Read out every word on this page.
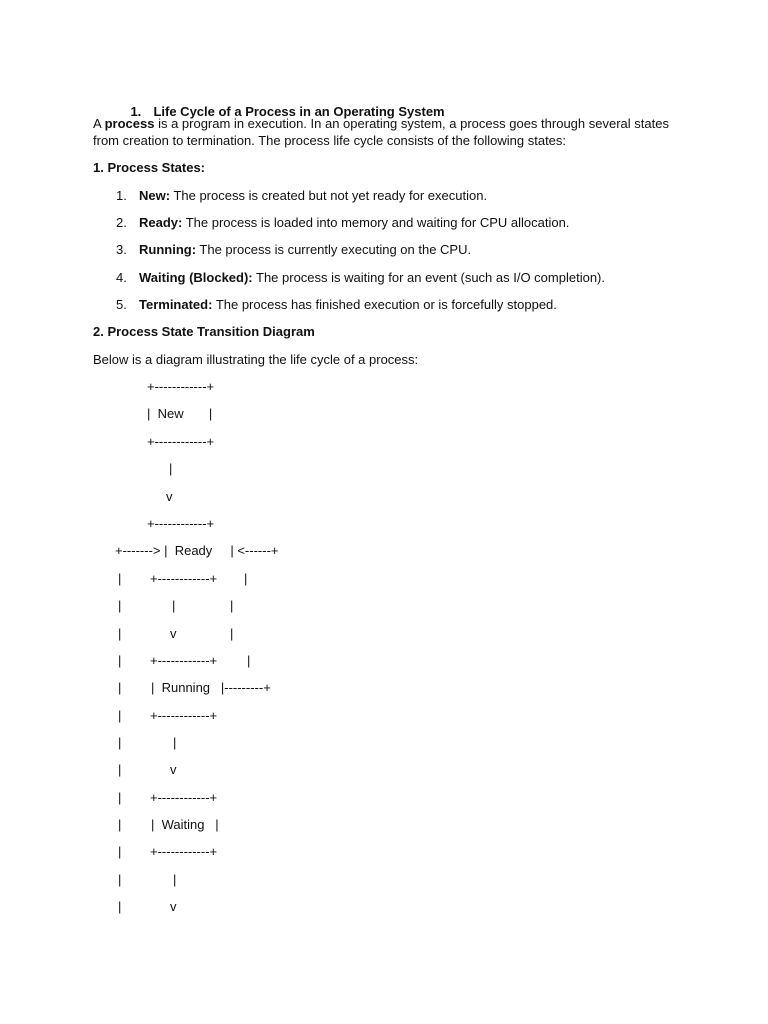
1. Life Cycle of a Process in an Operating System

A process is a program in execution. In an operating system, a process goes through several states
from creation to termination. The process life cycle consists of the following states:
1. Process States:
1. New: The process is created but not yet ready for execution.
2. Ready: The process is loaded into memory and waiting for CPU allocation.
3. Running: The process is currently executing on the CPU.
4. Waiting (Blocked): The process is waiting for an event (such as I/O completion).
5. Terminated: The process has finished execution or is forcefully stopped.
2. Process State Transition Diagram
Below is a diagram illustrating the life cycle of a process:
+------------+
|  New       |
+------------+
|
v
+------------+
+-------> |  Ready     | <------+
| +------------+ |
|	|	|
|	v	|
| +------------+ |
| |  Running   |---------+
| +------------+
|	|
|	v
| +------------+
| |  Waiting   |
| +------------+
|	|
|	v
